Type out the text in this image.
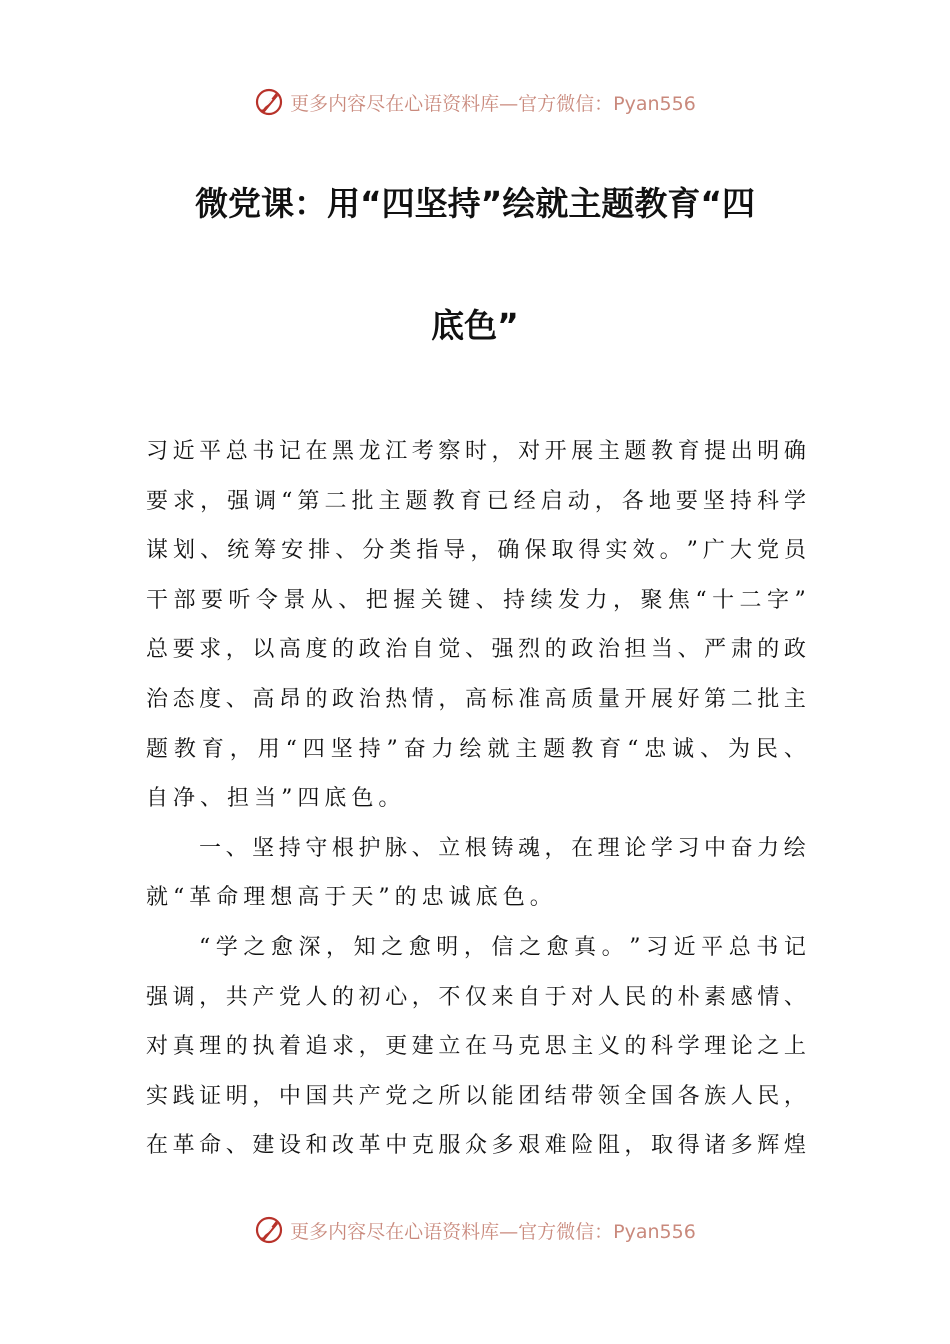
更多内容尽在心语资料库—官方微信：Pyan556
微党课：用“四坚持”绘就主题教育“四
底色”
习 近 平 总 书 记 在 黑 龙 江 考 察 时 ， 对 开 展 主 题 教 育 提 出 明 确
要 求 ， 强 调 “ 第 二 批 主 题 教 育 已 经 启 动 ， 各 地 要 坚 持 科 学
谋 划 、 统 筹 安 排 、 分 类 指 导 ， 确 保 取 得 实 效 。 ” 广 大 党 员
干 部 要 听 令 景 从 、 把 握 关 键 、 持 续 发 力 ， 聚 焦 “ 十 二 字 ”
总 要 求 ， 以 高 度 的 政 治 自 觉 、 强 烈 的 政 治 担 当 、 严 肃 的 政
治 态 度 、 高 昂 的 政 治 热 情 ， 高 标 准 高 质 量 开 展 好 第 二 批 主
题 教 育 ， 用 “ 四 坚 持 ” 奋 力 绘 就 主 题 教 育 “ 忠 诚 、 为 民 、
自 净 、 担 当 ” 四 底 色 。
一 、 坚 持 守 根 护 脉 、 立 根 铸 魂 ， 在 理 论 学 习 中 奋 力 绘
就 “ 革 命 理 想 高 于 天 ” 的 忠 诚 底 色 。
“ 学 之 愈 深 ， 知 之 愈 明 ， 信 之 愈 真 。 ” 习 近 平 总 书 记
强 调 ， 共 产 党 人 的 初 心 ， 不 仅 来 自 于 对 人 民 的 朴 素 感 情 、
对 真 理 的 执 着 追 求 ， 更 建 立 在 马 克 思 主 义 的 科 学 理 论 之 上
实 践 证 明 ， 中 国 共 产 党 之 所 以 能 团 结 带 领 全 国 各 族 人 民 ，
在 革 命 、 建 设 和 改 革 中 克 服 众 多 艰 难 险 阻 ， 取 得 诸 多 辉 煌
更多内容尽在心语资料库—官方微信：Pyan556
